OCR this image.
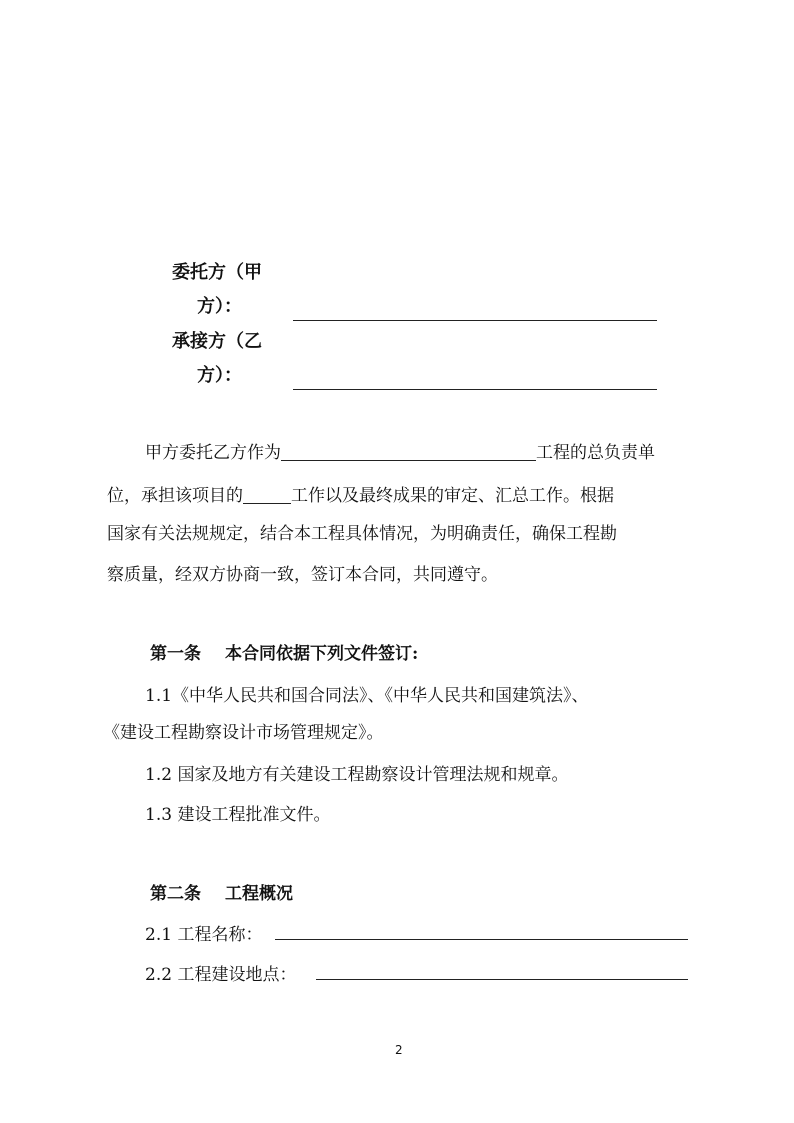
委托方（甲
方）：
承接方（乙
方）：
甲方委托乙方作为	工程的总负责单
位，承担该项目的	工作以及最终成果的审定、汇总工作。根据
国家有关法规规定，结合本工程具体情况，为明确责任，确保工程勘
察质量，经双方协商一致，签订本合同，共同遵守。
第一条 本合同依据下列文件签订:
1.1《中华人民共和国合同法》、《中华人民共和国建筑法》、
《建设工程勘察设计市场管理规定》。
1.2 国家及地方有关建设工程勘察设计管理法规和规章。
1.3 建设工程批准文件。
第二条 工程概况
2.1 工程名称：
2.2 工程建设地点：
2
